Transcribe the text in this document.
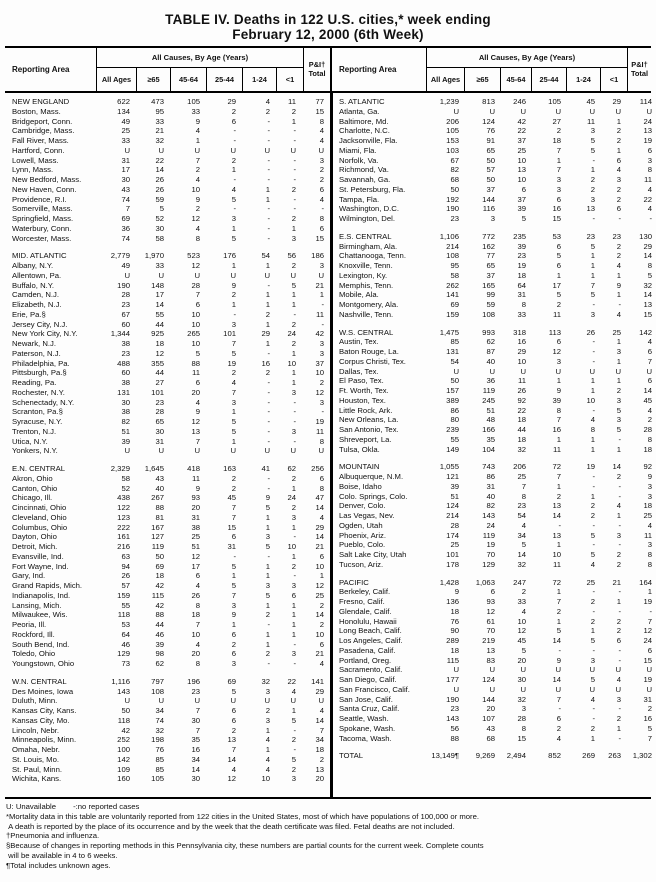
TABLE IV. Deaths in 122 U.S. cities,* week ending
February 12, 2000 (6th Week)
Reporting Area
All Causes, By Age (Years)
All Ages	≥65	45-64	25-44	1-24	<1
P&I†
Total	Reporting Area
All Causes, By Age (Years)
All Ages	≥65	45-64	25-44	1-24	<1
P&I†
Total
NEW ENGLAND	622	473	105	29	4	11	77
Boston, Mass.	134	95	33	2	2	2	15
Bridgeport, Conn.	49	33	9	6	-	1	8
Cambridge, Mass.	25	21	4	-	-	-	4
Fall River, Mass.	33	32	1	-	-	-	4
Hartford, Conn.	U	U	U	U	U	U	U
Lowell, Mass.	31	22	7	2	-	-	3
Lynn, Mass.	17	14	2	1	-	-	2
New Bedford, Mass.	30	26	4	-	-	-	2
New Haven, Conn.	43	26	10	4	1	2	6
Providence, R.I.	74	59	9	5	1	-	4
Somerville, Mass.	7	5	2	-	-	-	-
Springfield, Mass.	69	52	12	3	-	2	8
Waterbury, Conn.	36	30	4	1	-	1	6
Worcester, Mass.	74	58	8	5	-	3	15
MID. ATLANTIC	2,779	1,970	523	176	54	56	186
Albany, N.Y.	49	33	12	1	1	2	3
Allentown, Pa.	U	U	U	U	U	U	U
Buffalo, N.Y.	190	148	28	9	-	5	21
Camden, N.J.	28	17	7	2	1	1	1
Elizabeth, N.J.	23	14	6	1	1	1	-
Erie, Pa.§	67	55	10	-	2	-	11
Jersey City, N.J.	60	44	10	3	1	2	-
New York City, N.Y.	1,344	925	265	101	29	24	42
Newark, N.J.	38	18	10	7	1	2	3
Paterson, N.J.	23	12	5	5	-	1	3
Philadelphia, Pa.	488	355	88	19	16	10	37
Pittsburgh, Pa.§	60	44	11	2	2	1	10
Reading, Pa.	38	27	6	4	-	1	2
Rochester, N.Y.	131	101	20	7	-	3	12
Schenectady, N.Y.	30	23	4	3	-	-	3
Scranton, Pa.§	38	28	9	1	-	-	-
Syracuse, N.Y.	82	65	12	5	-	-	19
Trenton, N.J.	51	30	13	5	-	3	11
Utica, N.Y.	39	31	7	1	-	-	8
Yonkers, N.Y.	U	U	U	U	U	U	U
E.N. CENTRAL	2,329	1,645	418	163	41	62	256
Akron, Ohio	58	43	11	2	-	2	6
Canton, Ohio	52	40	9	2	-	1	8
Chicago, Ill.	438	267	93	45	9	24	47
Cincinnati, Ohio	122	88	20	7	5	2	14
Cleveland, Ohio	123	81	31	7	1	3	4
Columbus, Ohio	222	167	38	15	1	1	29
Dayton, Ohio	161	127	25	6	3	-	14
Detroit, Mich.	216	119	51	31	5	10	21
Evansville, Ind.	63	50	12	-	-	1	6
Fort Wayne, Ind.	94	69	17	5	1	2	10
Gary, Ind.	26	18	6	1	1	-	1
Grand Rapids, Mich.	57	42	4	5	3	3	12
Indianapolis, Ind.	159	115	26	7	5	6	25
Lansing, Mich.	55	42	8	3	1	1	2
Milwaukee, Wis.	118	88	18	9	2	1	14
Peoria, Ill.	53	44	7	1	-	1	2
Rockford, Ill.	64	46	10	6	1	1	10
South Bend, Ind.	46	39	4	2	1	-	6
Toledo, Ohio	129	98	20	6	2	3	21
Youngstown, Ohio	73	62	8	3	-	-	4
W.N. CENTRAL	1,116	797	196	69	32	22	141
Des Moines, Iowa	143	108	23	5	3	4	29
Duluth, Minn.	U	U	U	U	U	U	U
Kansas City, Kans.	50	34	7	6	2	1	4
Kansas City, Mo.	118	74	30	6	3	5	14
Lincoln, Nebr.	42	32	7	2	1	-	7
Minneapolis, Minn.	252	198	35	13	4	2	34
Omaha, Nebr.	100	76	16	7	1	-	18
St. Louis, Mo.	142	85	34	14	4	5	2
St. Paul, Minn.	109	85	14	4	4	2	13
Wichita, Kans.	160	105	30	12	10	3	20
S. ATLANTIC	1,239	813	246	105	45	29	114
Atlanta, Ga.	U	U	U	U	U	U	U
Baltimore, Md.	206	124	42	27	11	1	24
Charlotte, N.C.	105	76	22	2	3	2	13
Jacksonville, Fla.	153	91	37	18	5	2	19
Miami, Fla.	103	65	25	7	5	1	6
Norfolk, Va.	67	50	10	1	-	6	3
Richmond, Va.	82	57	13	7	1	4	8
Savannah, Ga.	68	50	10	3	2	3	11
St. Petersburg, Fla.	50	37	6	3	2	2	4
Tampa, Fla.	192	144	37	6	3	2	22
Washington, D.C.	190	116	39	16	13	6	4
Wilmington, Del.	23	3	5	15	-	-	-
E.S. CENTRAL	1,106	772	235	53	23	23	130
Birmingham, Ala.	214	162	39	6	5	2	29
Chattanooga, Tenn.	108	77	23	5	1	2	14
Knoxville, Tenn.	95	65	19	6	1	4	8
Lexington, Ky.	58	37	18	1	1	1	5
Memphis, Tenn.	262	165	64	17	7	9	32
Mobile, Ala.	141	99	31	5	5	1	14
Montgomery, Ala.	69	59	8	2	-	-	13
Nashville, Tenn.	159	108	33	11	3	4	15
W.S. CENTRAL	1,475	993	318	113	26	25	142
Austin, Tex.	85	62	16	6	-	1	4
Baton Rouge, La.	131	87	29	12	-	3	6
Corpus Christi, Tex.	54	40	10	3	-	1	7
Dallas, Tex.	U	U	U	U	U	U	U
El Paso, Tex.	50	36	11	1	1	1	6
Ft. Worth, Tex.	157	119	26	9	1	2	14
Houston, Tex.	389	245	92	39	10	3	45
Little Rock, Ark.	86	51	22	8	-	5	4
New Orleans, La.	80	48	18	7	4	3	2
San Antonio, Tex.	239	166	44	16	8	5	28
Shreveport, La.	55	35	18	1	1	-	8
Tulsa, Okla.	149	104	32	11	1	1	18
MOUNTAIN	1,055	743	206	72	19	14	92
Albuquerque, N.M.	121	86	25	7	-	2	9
Boise, Idaho	39	31	7	1	-	-	3
Colo. Springs, Colo.	51	40	8	2	1	-	3
Denver, Colo.	124	82	23	13	2	4	18
Las Vegas, Nev.	214	143	54	14	2	1	25
Ogden, Utah	28	24	4	-	-	-	4
Phoenix, Ariz.	174	119	34	13	5	3	11
Pueblo, Colo.	25	19	5	1	-	-	3
Salt Lake City, Utah	101	70	14	10	5	2	8
Tucson, Ariz.	178	129	32	11	4	2	8
PACIFIC	1,428	1,063	247	72	25	21	164
Berkeley, Calif.	9	6	2	1	-	-	1
Fresno, Calif.	136	93	33	7	2	1	19
Glendale, Calif.	18	12	4	2	-	-	-
Honolulu, Hawaii	76	61	10	1	2	2	7
Long Beach, Calif.	90	70	12	5	1	2	12
Los Angeles, Calif.	289	219	45	14	5	6	24
Pasadena, Calif.	18	13	5	-	-	-	6
Portland, Oreg.	115	83	20	9	3	-	15
Sacramento, Calif.	U	U	U	U	U	U	U
San Diego, Calif.	177	124	30	14	5	4	19
San Francisco, Calif.	U	U	U	U	U	U	U
San Jose, Calif.	190	144	32	7	4	3	31
Santa Cruz, Calif.	23	20	3	-	-	-	2
Seattle, Wash.	143	107	28	6	-	2	16
Spokane, Wash.	56	43	8	2	2	1	5
Tacoma, Wash.	88	68	15	4	1	-	7
TOTAL	13,149¶	9,269	2,494	852	269	263	1,302
U: Unavailable        -:no reported cases
*Mortality data in this table are voluntarily reported from 122 cities in the United States, most of which have populations of 100,000 or more.
A death is reported by the place of its occurrence and by the week that the death certificate was filed. Fetal deaths are not included.
†Pneumonia and influenza.
§Because of changes in reporting methods in this Pennsylvania city, these numbers are partial counts for the current week. Complete counts
will be available in 4 to 6 weeks.
¶Total includes unknown ages.
